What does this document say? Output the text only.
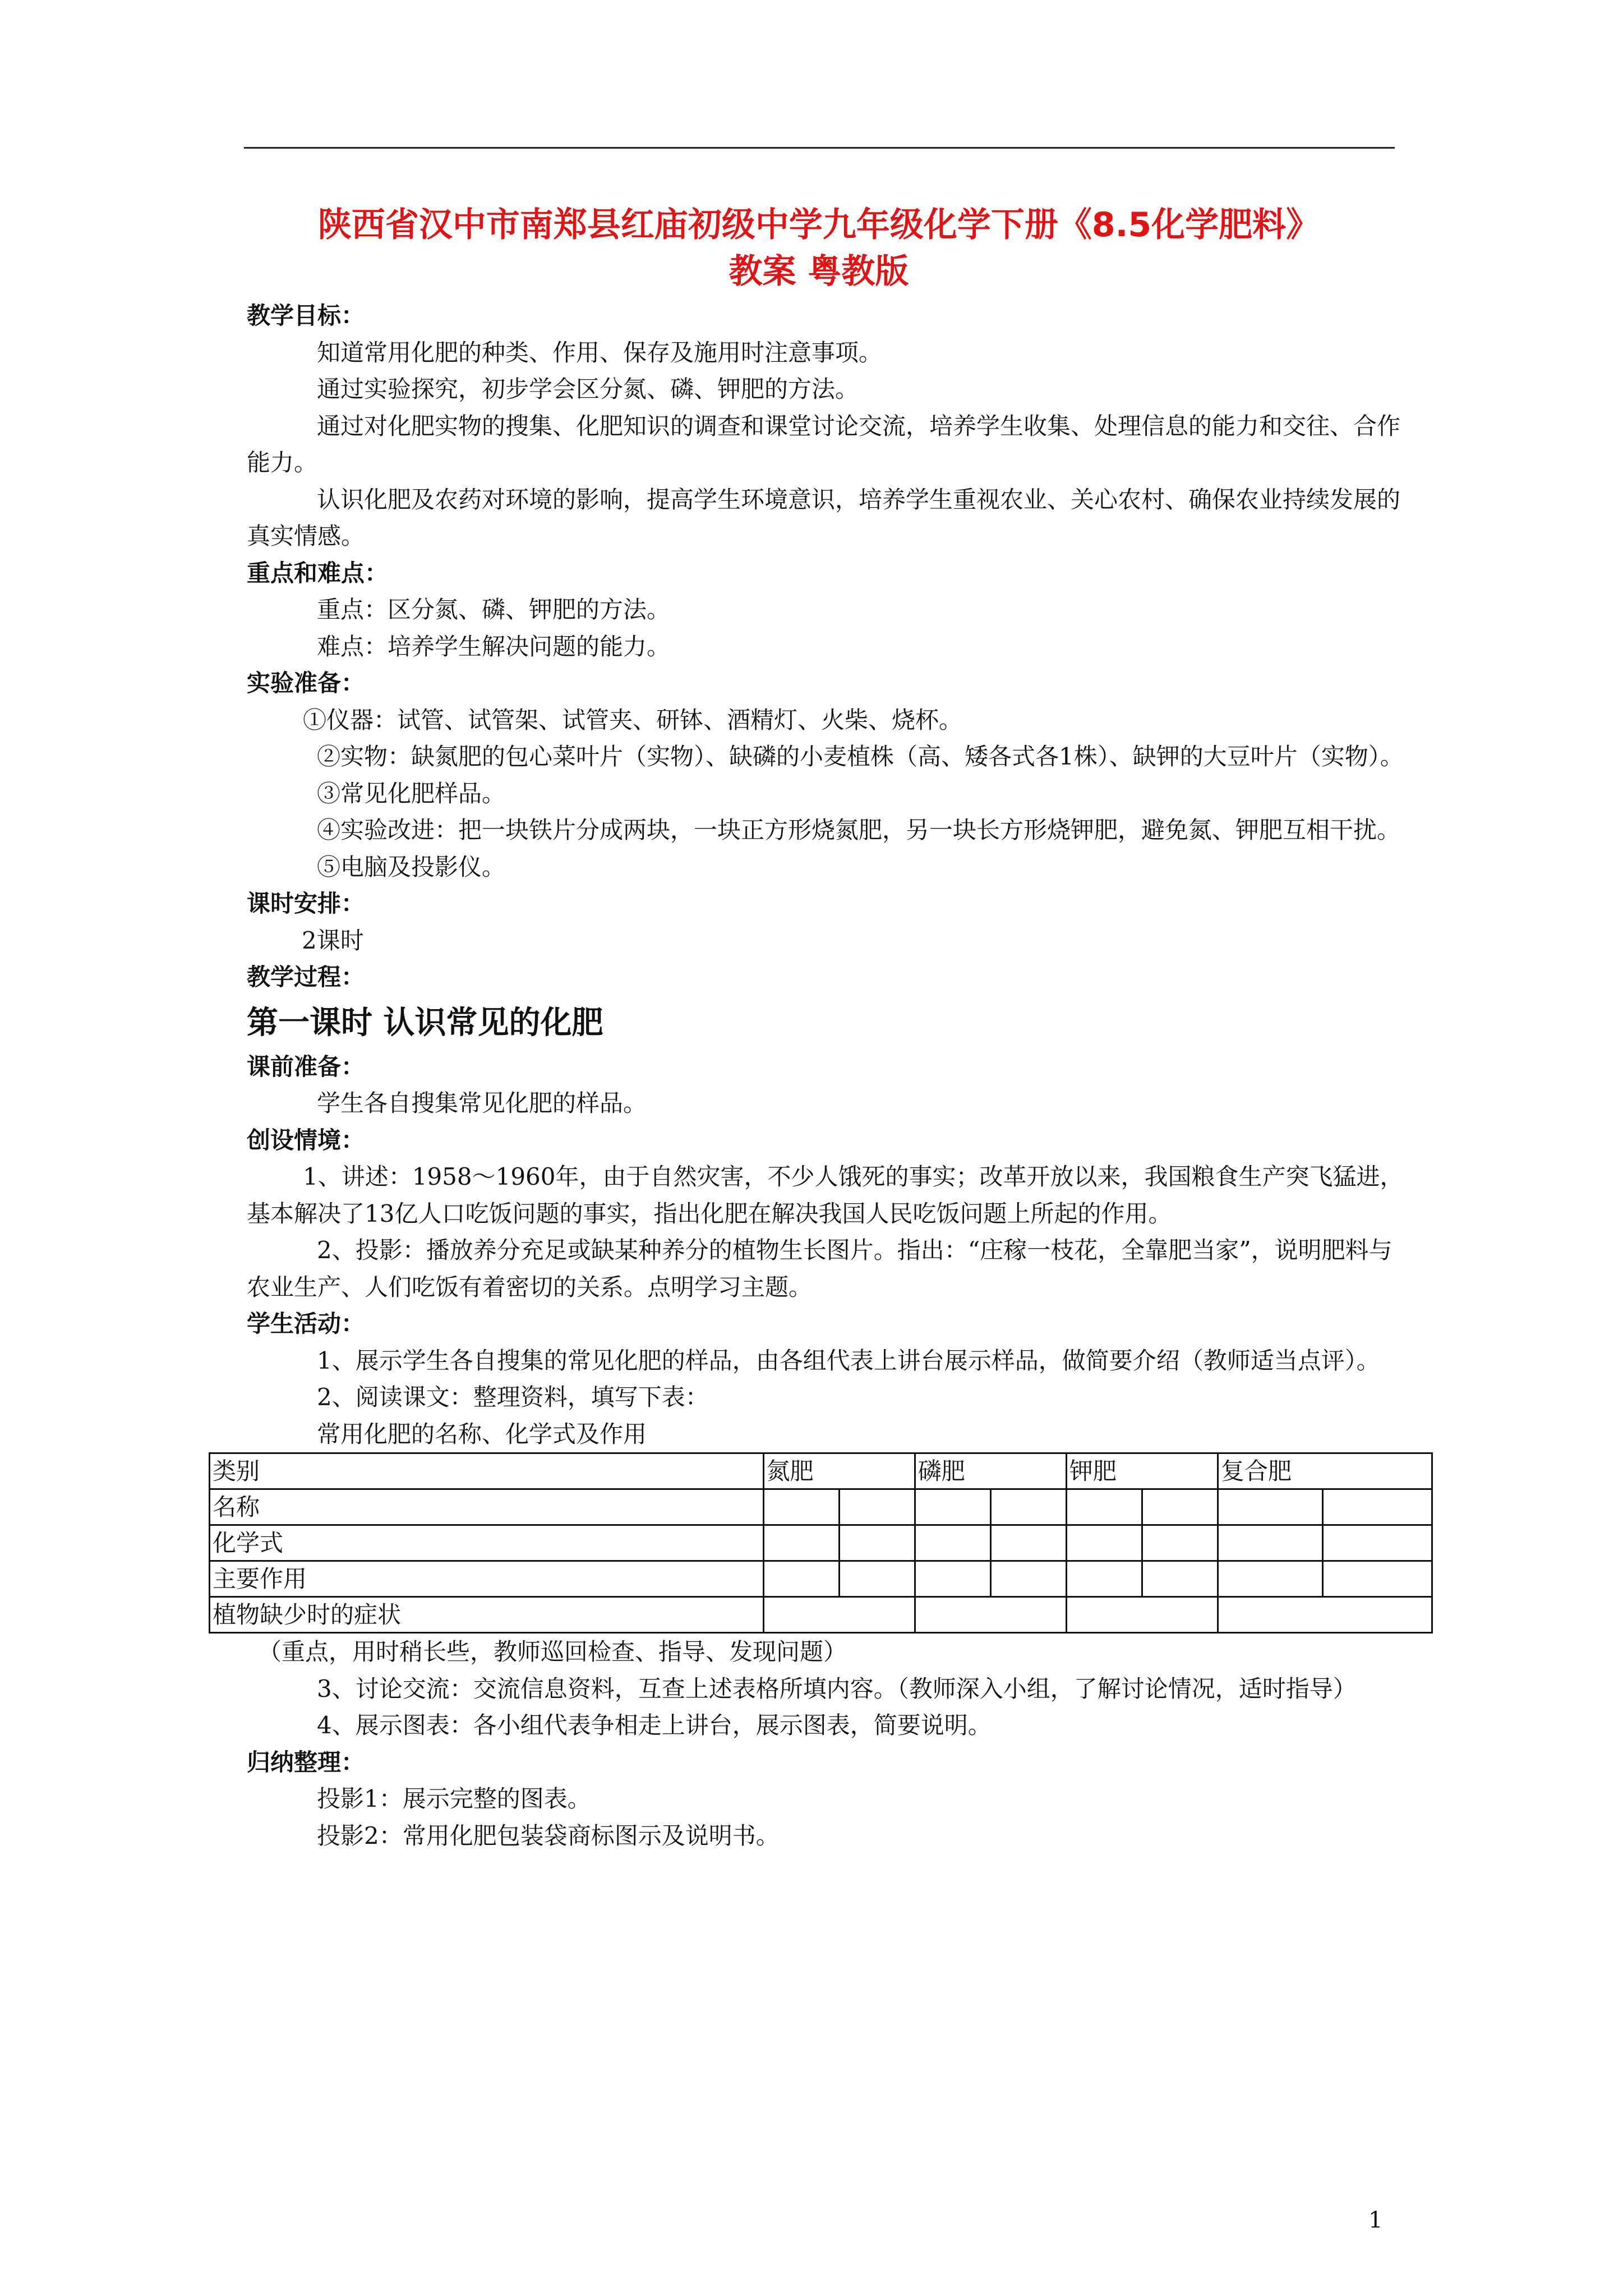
陕西省汉中市南郑县红庙初级中学九年级化学下册《8.5化学肥料》
教案 粤教版
教学目标：
知道常用化肥的种类、作用、保存及施用时注意事项。
通过实验探究，初步学会区分氮、磷、钾肥的方法。
通过对化肥实物的搜集、化肥知识的调查和课堂讨论交流，培养学生收集、处理信息的能力和交往、合作能力。
认识化肥及农药对环境的影响，提高学生环境意识，培养学生重视农业、关心农村、确保农业持续发展的真实情感。
重点和难点：
重点：区分氮、磷、钾肥的方法。
难点：培养学生解决问题的能力。
实验准备：
①仪器：试管、试管架、试管夹、研钵、酒精灯、火柴、烧杯。
②实物：缺氮肥的包心菜叶片（实物）、缺磷的小麦植株（高、矮各式各1株）、缺钾的大豆叶片（实物）。
③常见化肥样品。
④实验改进：把一块铁片分成两块，一块正方形烧氮肥，另一块长方形烧钾肥，避免氮、钾肥互相干扰。
⑤电脑及投影仪。
课时安排：
2课时
教学过程：
第一课时 认识常见的化肥
课前准备：
学生各自搜集常见化肥的样品。
创设情境：
1、讲述：1958～1960年，由于自然灾害，不少人饿死的事实；改革开放以来，我国粮食生产突飞猛进，基本解决了13亿人口吃饭问题的事实，指出化肥在解决我国人民吃饭问题上所起的作用。
2、投影：播放养分充足或缺某种养分的植物生长图片。指出：“庄稼一枝花，全靠肥当家”，说明肥料与农业生产、人们吃饭有着密切的关系。点明学习主题。
学生活动：
1、展示学生各自搜集的常见化肥的样品，由各组代表上讲台展示样品，做简要介绍（教师适当点评）。
2、阅读课文：整理资料，填写下表：
常用化肥的名称、化学式及作用
类别	氮肥		磷肥		钾肥		复合肥	
名称								
化学式								
主要作用								
植物缺少时的症状								
（重点，用时稍长些，教师巡回检查、指导、发现问题）
3、讨论交流：交流信息资料，互查上述表格所填内容。（教师深入小组，了解讨论情况，适时指导）
4、展示图表：各小组代表争相走上讲台，展示图表，简要说明。
归纳整理：
投影1：展示完整的图表。
投影2：常用化肥包装袋商标图示及说明书。
1
